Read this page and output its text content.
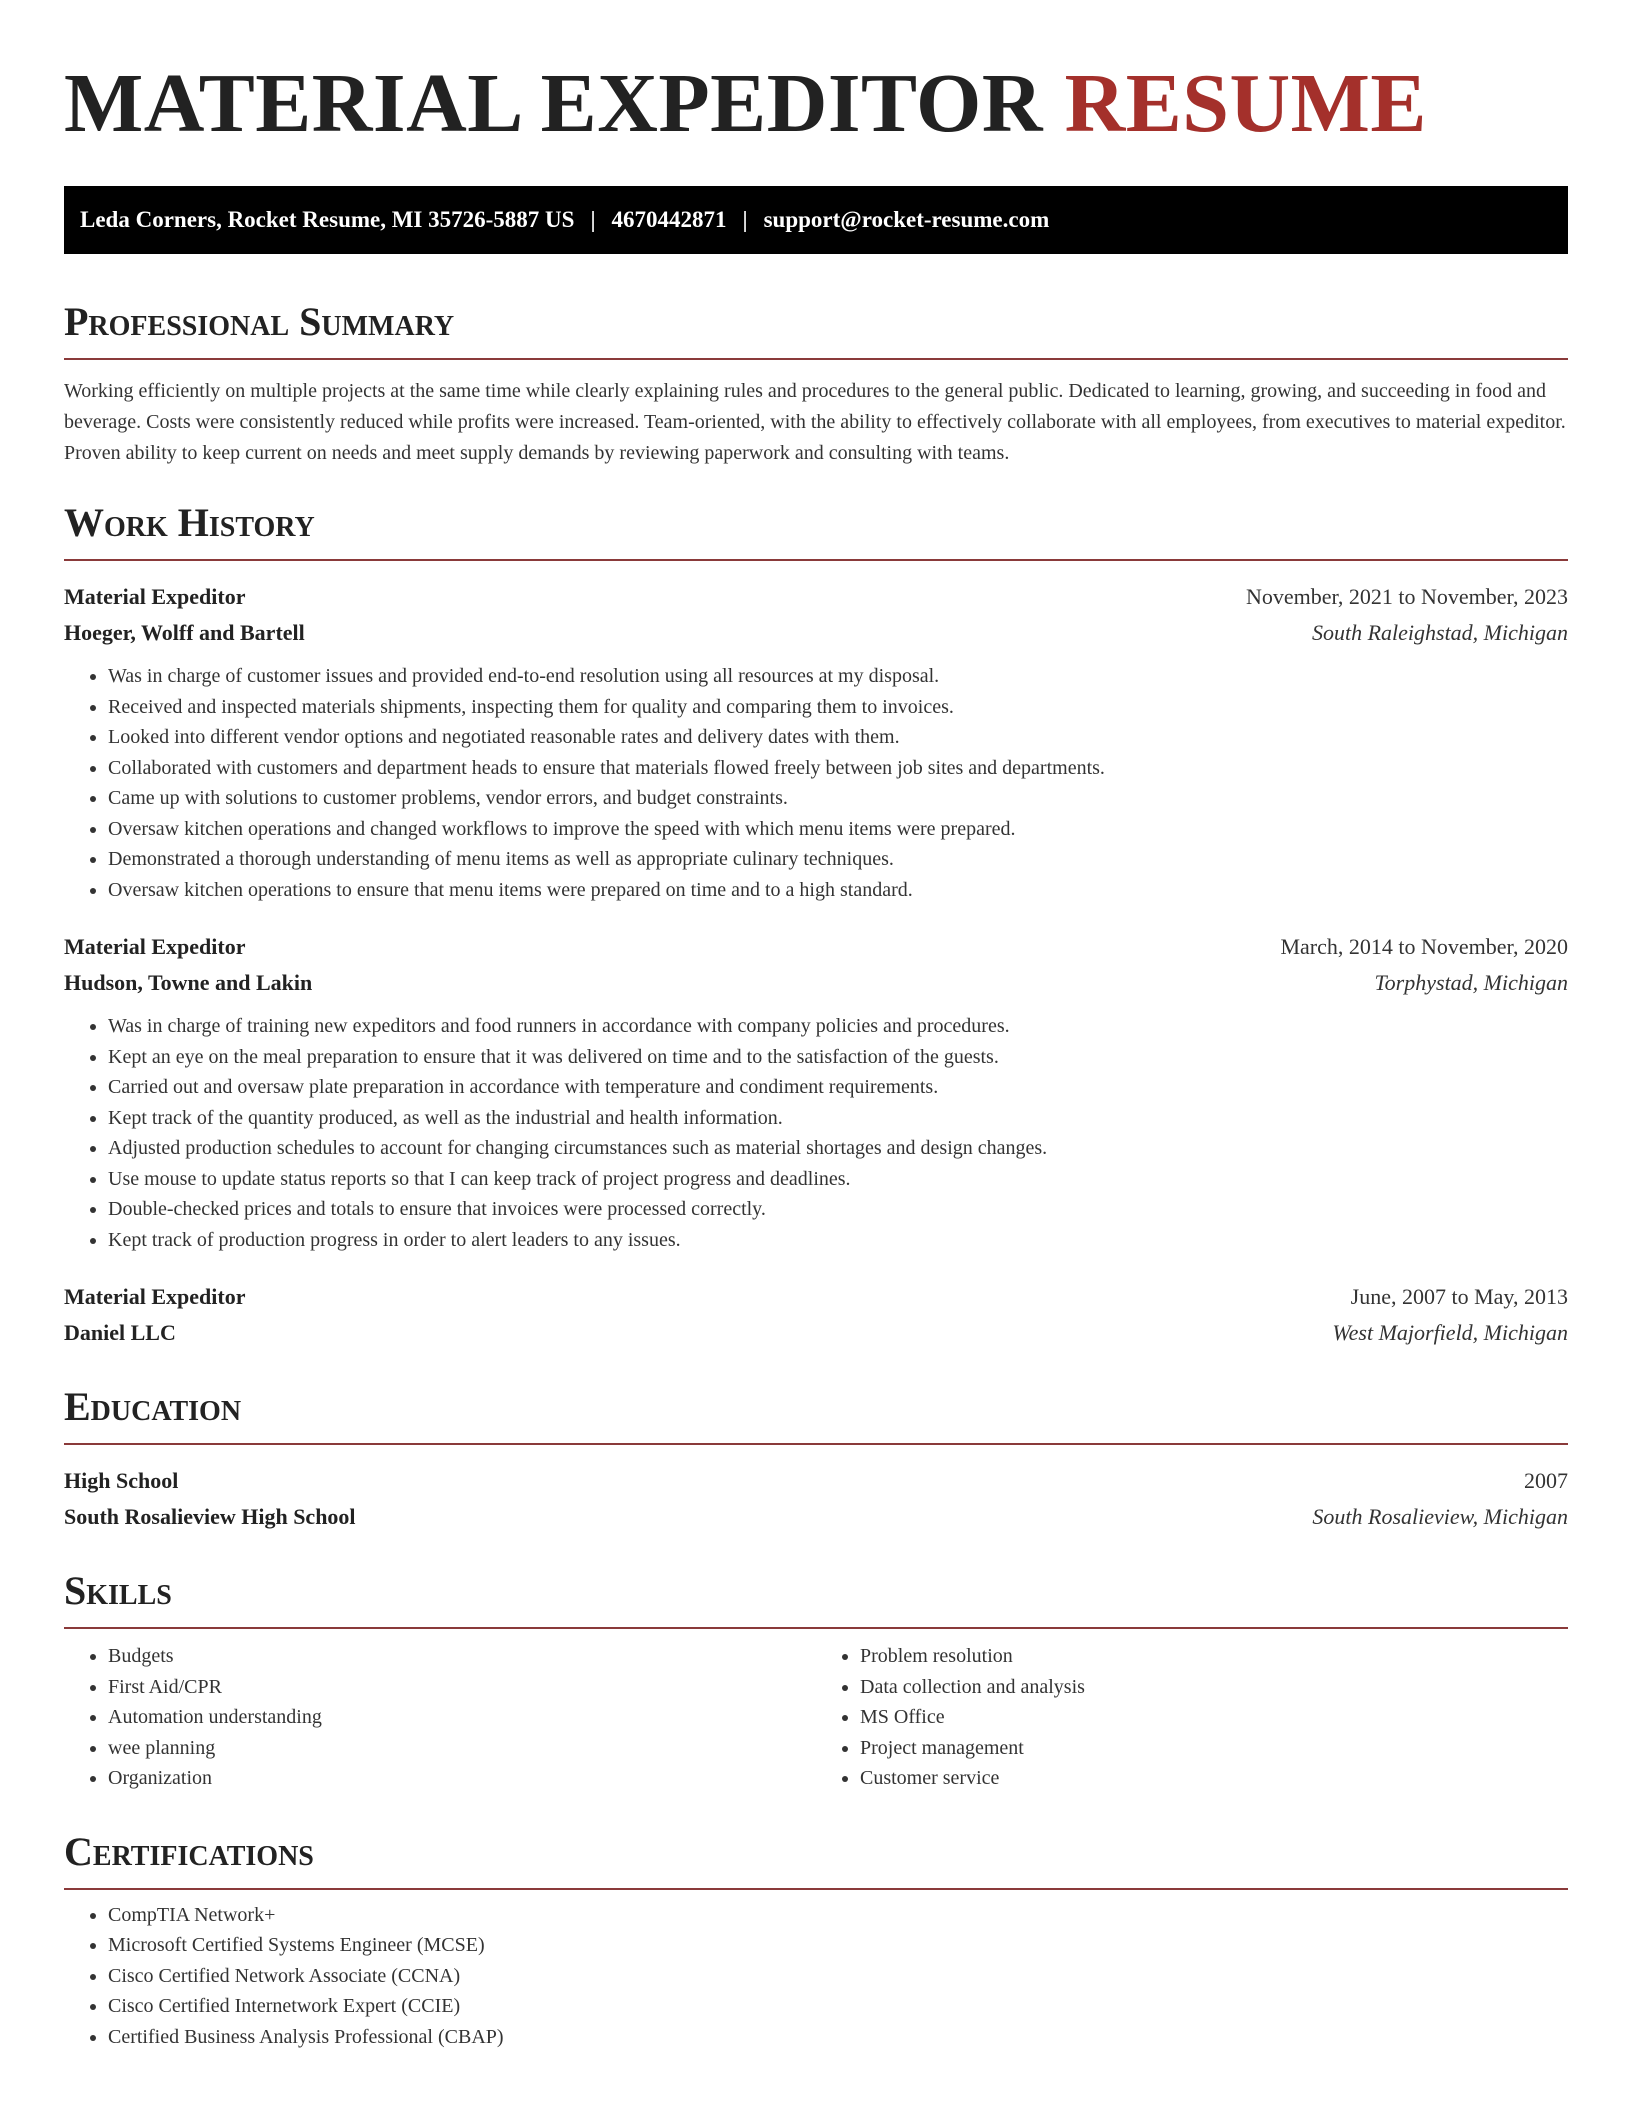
MATERIAL EXPEDITOR RESUME
Leda Corners, Rocket Resume, MI 35726-5887 US | 4670442871 | support@rocket-resume.com
Professional Summary

Working efficiently on multiple projects at the same time while clearly explaining rules and procedures to the general public. Dedicated to learning, growing, and succeeding in food and beverage. Costs were consistently reduced while profits were increased. Team-oriented, with the ability to effectively collaborate with all employees, from executives to material expeditor. Proven ability to keep current on needs and meet supply demands by reviewing paperwork and consulting with teams.

Work History
Material Expeditor	November, 2021 to November, 2023
Hoeger, Wolff and Bartell	South Raleighstad, Michigan
• Was in charge of customer issues and provided end-to-end resolution using all resources at my disposal.
• Received and inspected materials shipments, inspecting them for quality and comparing them to invoices.
• Looked into different vendor options and negotiated reasonable rates and delivery dates with them.
• Collaborated with customers and department heads to ensure that materials flowed freely between job sites and departments.
• Came up with solutions to customer problems, vendor errors, and budget constraints.
• Oversaw kitchen operations and changed workflows to improve the speed with which menu items were prepared.
• Demonstrated a thorough understanding of menu items as well as appropriate culinary techniques.
• Oversaw kitchen operations to ensure that menu items were prepared on time and to a high standard.
Material Expeditor	March, 2014 to November, 2020
Hudson, Towne and Lakin	Torphystad, Michigan
• Was in charge of training new expeditors and food runners in accordance with company policies and procedures.
• Kept an eye on the meal preparation to ensure that it was delivered on time and to the satisfaction of the guests.
• Carried out and oversaw plate preparation in accordance with temperature and condiment requirements.
• Kept track of the quantity produced, as well as the industrial and health information.
• Adjusted production schedules to account for changing circumstances such as material shortages and design changes.
• Use mouse to update status reports so that I can keep track of project progress and deadlines.
• Double-checked prices and totals to ensure that invoices were processed correctly.
• Kept track of production progress in order to alert leaders to any issues.
Material Expeditor	June, 2007 to May, 2013
Daniel LLC	West Majorfield, Michigan
Education
High School	2007
South Rosalieview High School	South Rosalieview, Michigan
Skills
• Budgets
• First Aid/CPR
• Automation understanding
• wee planning
• Organization
• Problem resolution
• Data collection and analysis
• MS Office
• Project management
• Customer service
Certifications
• CompTIA Network+
• Microsoft Certified Systems Engineer (MCSE)
• Cisco Certified Network Associate (CCNA)
• Cisco Certified Internetwork Expert (CCIE)
• Certified Business Analysis Professional (CBAP)
